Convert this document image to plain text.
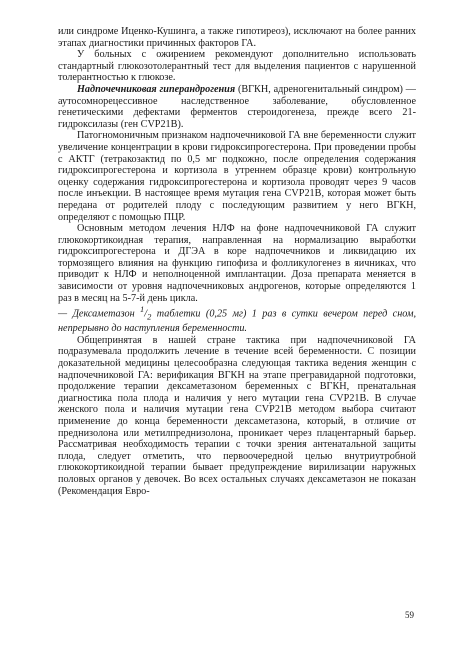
или синдроме Иценко-Кушинга, а также гипотиреоз), исключают на более ранних этапах диагностики причинных факторов ГА.

У больных с ожирением рекомендуют дополнительно использовать стандартный глюкозотолерантный тест для выделения пациентов с нарушенной толерантностью к глюкозе.

Надпочечниковая гиперандрогения (ВГКН, адреногенитальный синдром) — аутосомнорецессивное наследственное заболевание, обусловленное генетическими дефектами ферментов стероидогенеза, прежде всего 21-гидроксилазы (ген CVP21B).

Патогномоничным признаком надпочечниковой ГА вне беременности служит увеличение концентрации в крови гидроксипрогестерона. При проведении пробы с АКТГ (тетракозактид по 0,5 мг подкожно, после определения содержания гидроксипрогестерона и кортизола в утреннем образце крови) контрольную оценку содержания гидроксипрогестерона и кортизола проводят через 9 часов после инъекции. В настоящее время мутация гена CVP21B, которая может быть передана от родителей плоду с последующим развитием у него ВГКН, определяют с помощью ПЦР.

Основным методом лечения НЛФ на фоне надпочечниковой ГА служит глюкокортикоидная терапия, направленная на нормализацию выработки гидроксипрогестерона и ДГЭА в коре надпочечников и ликвидацию их тормозящего влияния на функцию гипофиза и фолликулогенез в яичниках, что приводит к НЛФ и неполноценной имплантации. Доза препарата меняется в зависимости от уровня надпочечниковых андрогенов, которые определяются 1 раз в месяц на 5-7-й день цикла.

— Дексаметазон $^1/_2$ таблетки (0,25 мг) 1 раз в сутки вечером перед сном, непрерывно до наступления беременности.

Общепринятая в нашей стране тактика при надпочечниковой ГА подразумевала продолжить лечение в течение всей беременности. С позиции доказательной медицины целесообразна следующая тактика ведения женщин с надпочечниковой ГА: верификация ВГКН на этапе прегравидарной подготовки, продолжение терапии дексаметазоном беременных с ВГКН, пренатальная диагностика пола плода и наличия у него мутации гена CVP21B. В случае женского пола и наличия мутации гена CVP21B методом выбора считают применение до конца беременности дексаметазона, который, в отличие от преднизолона или метилпреднизолона, проникает через плацентарный барьер. Рассматривая необходимость терапии с точки зрения антенатальной защиты плода, следует отметить, что первоочередной целью внутриутробной глюкокортикоидной терапии бывает предупреждение вирилизации наружных половых органов у девочек. Во всех остальных случаях дексаметазон не показан (Рекомендация Евро-

59
